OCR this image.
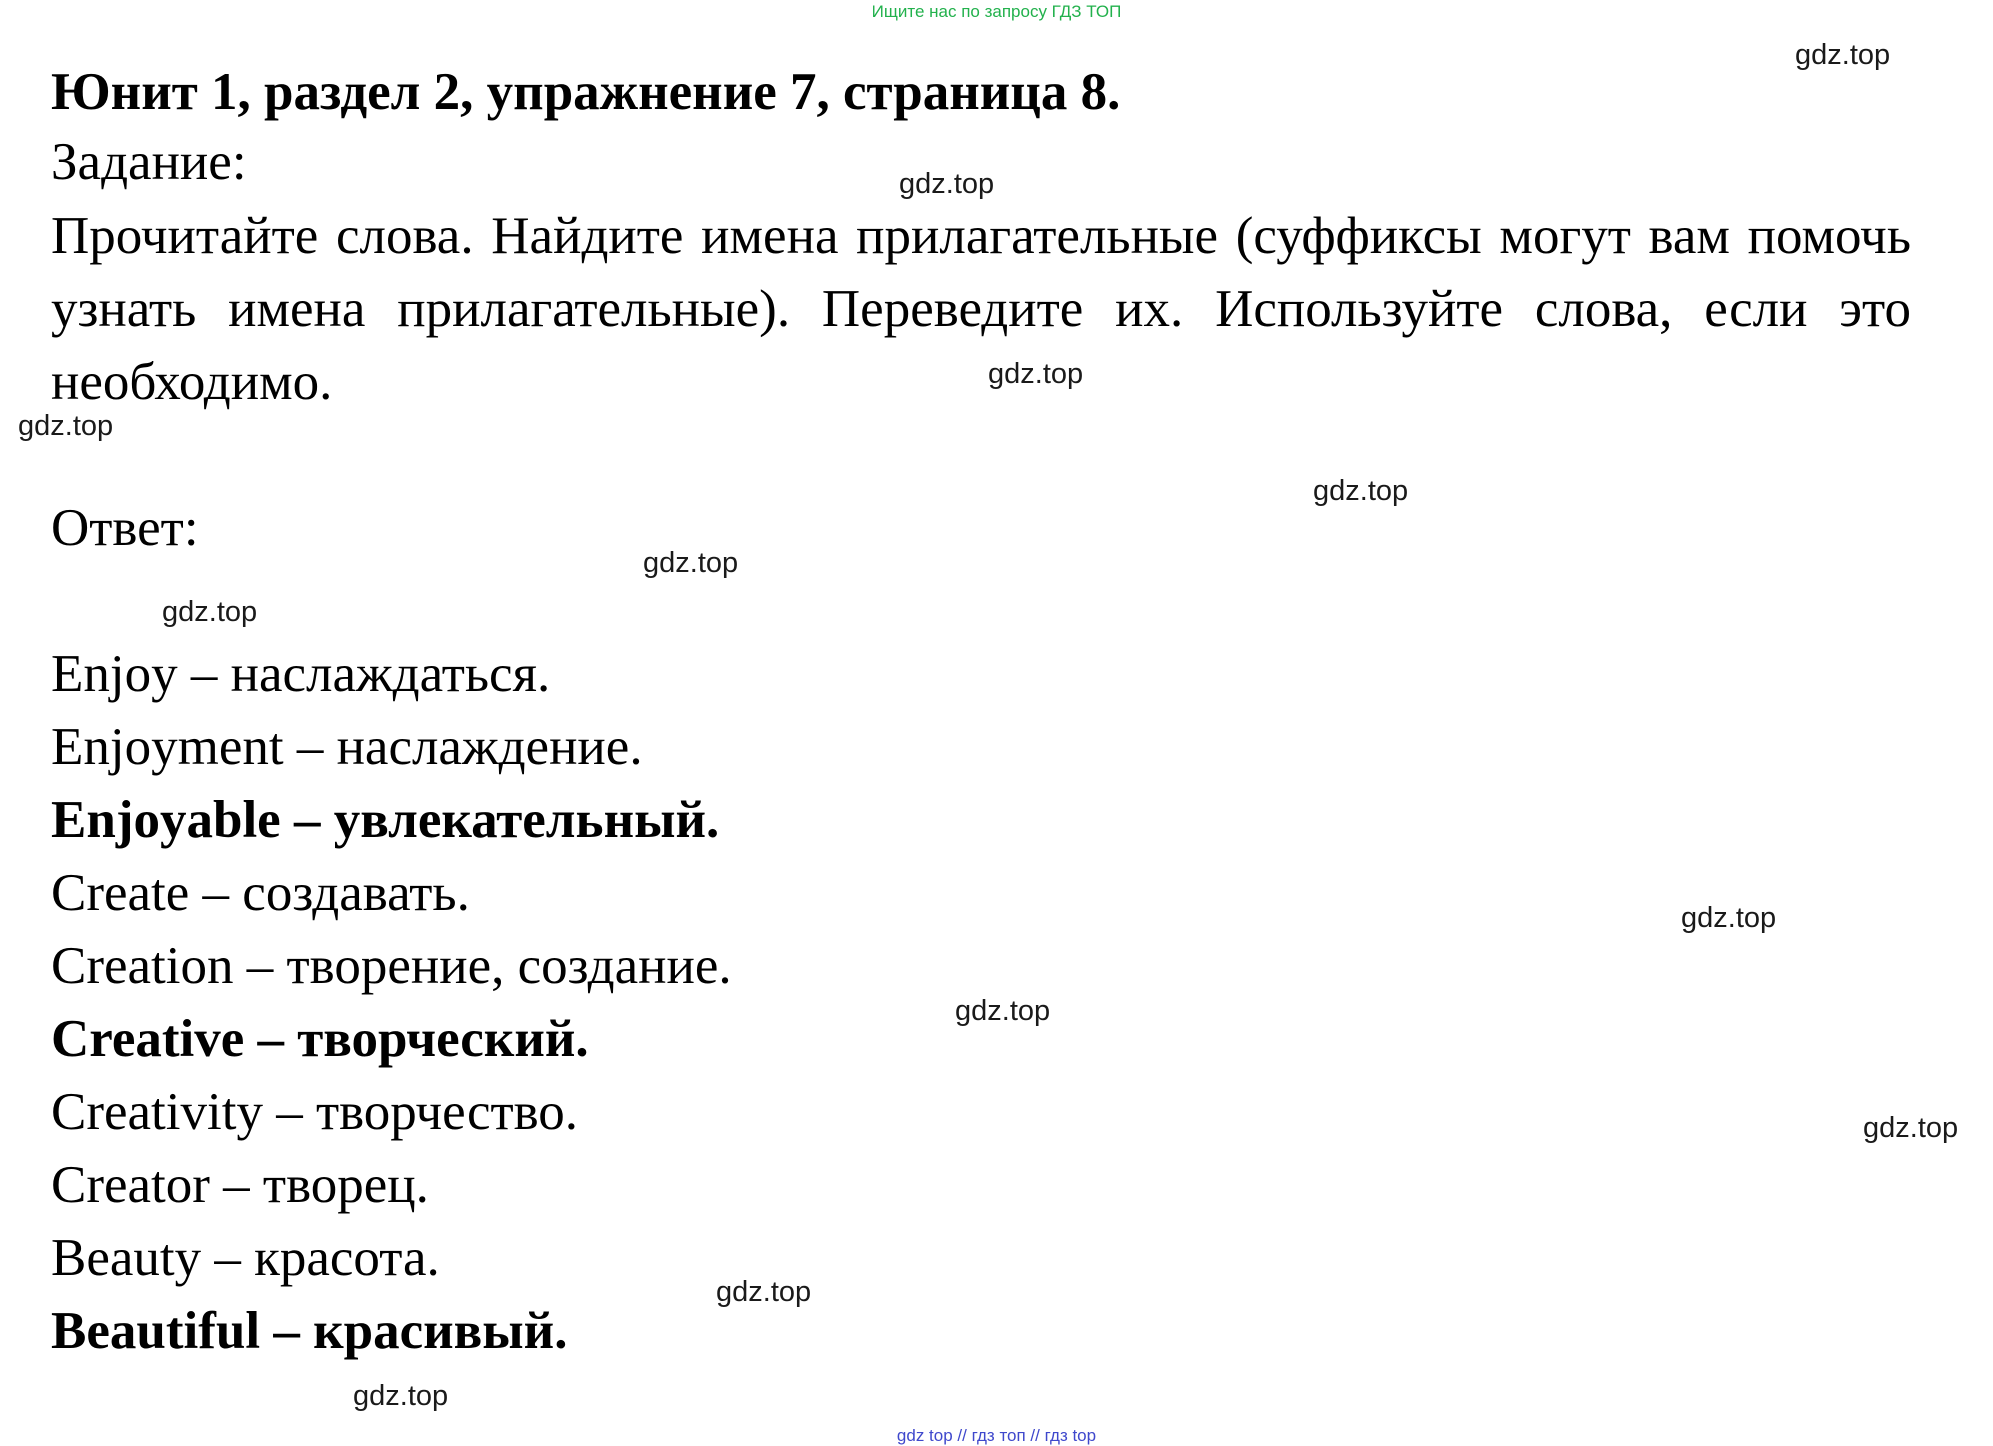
Ищите нас по запросу ГДЗ ТОП
Юнит 1, раздел 2, упражнение 7, страница 8.
Задание:
Прочитайте слова. Найдите имена прилагательные (суффиксы могут вам помочь узнать имена прилагательные). Переведите их. Используйте слова, если это необходимо.
Ответ:
Enjoy – наслаждаться.
Enjoyment – наслаждение.
Enjoyable – увлекательный.
Create – создавать.
Creation – творение, создание.
Creative – творческий.
Creativity – творчество.
Creator – творец.
Beauty – красота.
Beautiful – красивый.
gdz.top
gdz.top
gdz.top
gdz.top
gdz.top
gdz.top
gdz.top
gdz.top
gdz.top
gdz.top
gdz.top
gdz.top
gdz top // гдз топ // гдз top
